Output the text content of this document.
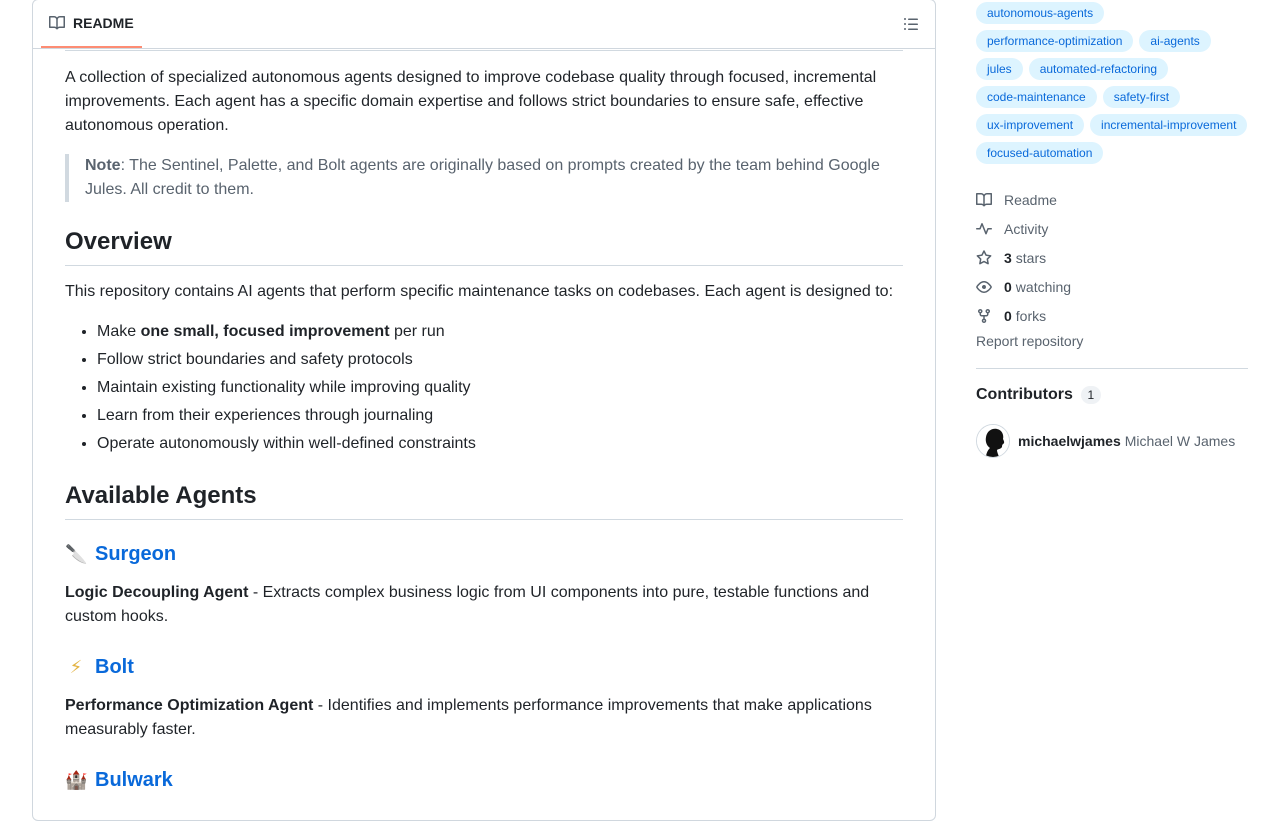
README

A collection of specialized autonomous agents designed to improve codebase quality through focused, incremental improvements. Each agent has a specific domain expertise and follows strict boundaries to ensure safe, effective autonomous operation.

Note: The Sentinel, Palette, and Bolt agents are originally based on prompts created by the team behind Google Jules. All credit to them.
Overview

This repository contains AI agents that perform specific maintenance tasks on codebases. Each agent is designed to:

• Make one small, focused improvement per run
• Follow strict boundaries and safety protocols
• Maintain existing functionality while improving quality
• Learn from their experiences through journaling
• Operate autonomously within well-defined constraints
Available Agents
🔪 Surgeon

Logic Decoupling Agent - Extracts complex business logic from UI components into pure, testable functions and custom hooks.

⚡ Bolt

Performance Optimization Agent - Identifies and implements performance improvements that make applications measurably faster.

🏰 Bulwark
autonomous-agents
performance-optimization	ai-agents
jules	automated-refactoring
code-maintenance	safety-first
ux-improvement	incremental-improvement
focused-automation
Readme
Activity
3 stars
0 watching
0 forks
Report repository
Contributors	1
michaelwjames Michael W James
